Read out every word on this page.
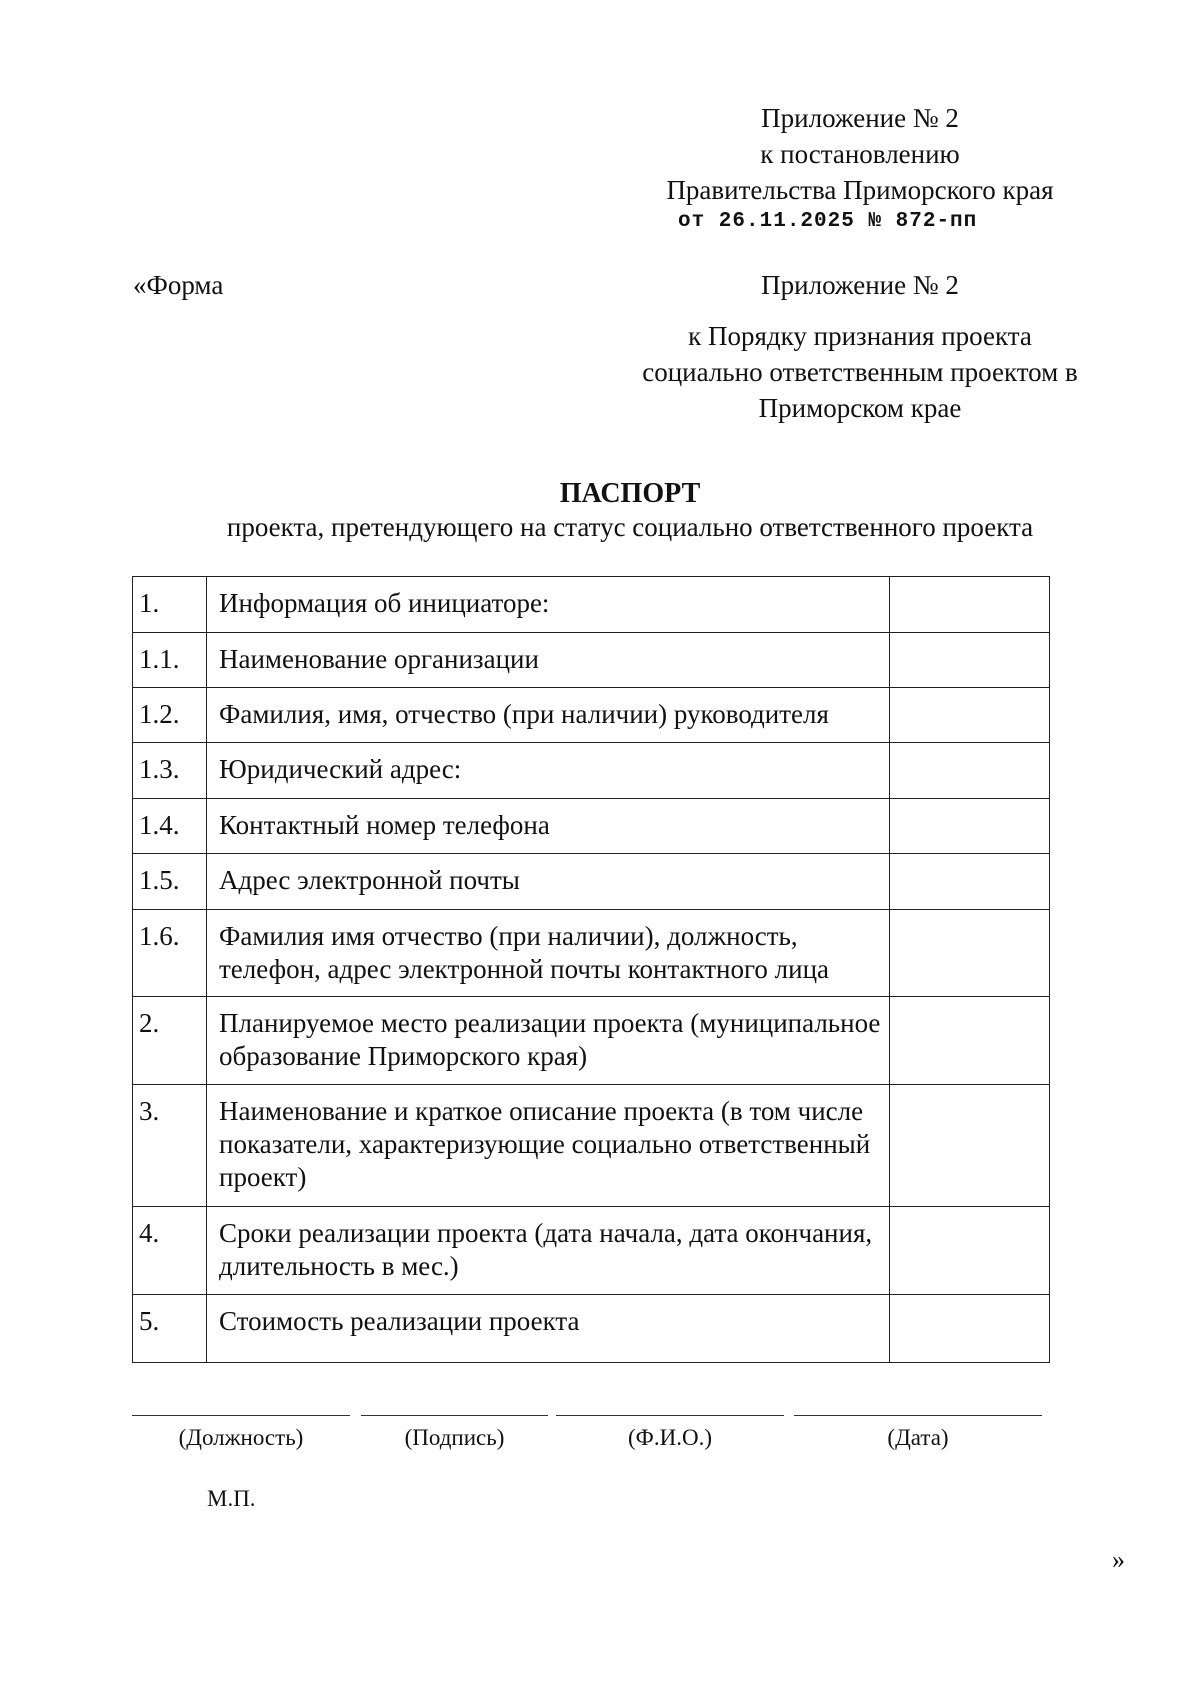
Приложение № 2
к постановлению
Правительства Приморского края
от 26.11.2025 № 872-пп
«Форма	Приложение № 2
к Порядку признания проекта
социально ответственным проектом в
Приморском крае
ПАСПОРТ
проекта, претендующего на статус социально ответственного проекта
1.	Информация об инициаторе:	
1.1.	Наименование организации	
1.2.	Фамилия, имя, отчество (при наличии) руководителя	
1.3.	Юридический адрес:	
1.4.	Контактный номер телефона	
1.5.	Адрес электронной почты	
1.6.	Фамилия имя отчество (при наличии), должность, телефон, адрес электронной почты контактного лица	
2.	Планируемое место реализации проекта (муниципальное образование Приморского края)	
3.	Наименование и краткое описание проекта (в том числе показатели, характеризующие социально ответственный проект)	
4.	Сроки реализации проекта (дата начала, дата окончания, длительность в мес.)	
5.	Стоимость реализации проекта	
(Должность)	(Подпись)	(Ф.И.О.)	(Дата)
М.П.
»
